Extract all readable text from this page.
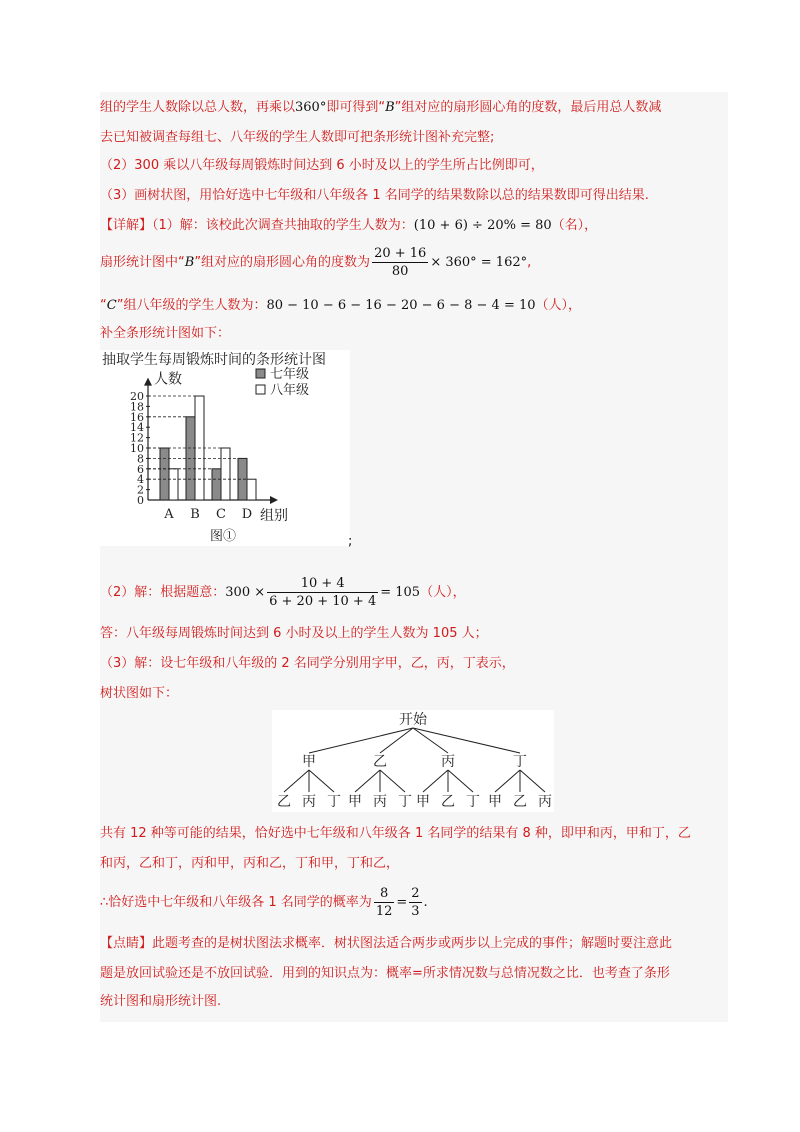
组的学生人数除以总人数，再乘以360°即可得到“B”组对应的扇形圆心角的度数，最后用总人数减
去已知被调查每组七、八年级的学生人数即可把条形统计图补充完整;
（2）300 乘以八年级每周锻炼时间达到 6 小时及以上的学生所占比例即可，
（3）画树状图，用恰好选中七年级和八年级各 1 名同学的结果数除以总的结果数即可得出结果.
【详解】（1）解：该校此次调查共抽取的学生人数为：(10 + 6) ÷ 20% = 80（名），
扇形统计图中“B”组对应的扇形圆心角的度数为 $\frac{20 + 16}{80} \times 360^\circ = 162^\circ$,
“C”组八年级的学生人数为：80 − 10 − 6 − 16 − 20 − 6 − 8 − 4 = 10（人），
补全条形统计图如下：
抽取学生每周锻炼时间的条形统计图
图①
人数
组别
0
2
4
6
8
10
12
14
16
18
20
A B C D
七年级
八年级
;
（2）解：根据题意：$300 \times \frac{10 + 4}{6 + 20 + 10 + 4} = 105$（人），
答：八年级每周锻炼时间达到 6 小时及以上的学生人数为 105 人；
（3）解：设七年级和八年级的 2 名同学分别用字甲，乙，丙，丁表示，
树状图如下：
开始
甲
乙 丙 丁
乙
甲 丙 丁
丙
甲 乙 丁
丁
甲 乙 丙
共有 12 种等可能的结果，恰好选中七年级和八年级各 1 名同学的结果有 8 种，即甲和丙，甲和丁，乙
和丙，乙和丁，丙和甲，丙和乙，丁和甲，丁和乙，
∴恰好选中七年级和八年级各 1 名同学的概率为 $\frac{8}{12} = \frac{2}{3}$ .
【点睛】此题考查的是树状图法求概率．树状图法适合两步或两步以上完成的事件；解题时要注意此
题是放回试验还是不放回试验．用到的知识点为：概率=所求情况数与总情况数之比．也考查了条形
统计图和扇形统计图.
